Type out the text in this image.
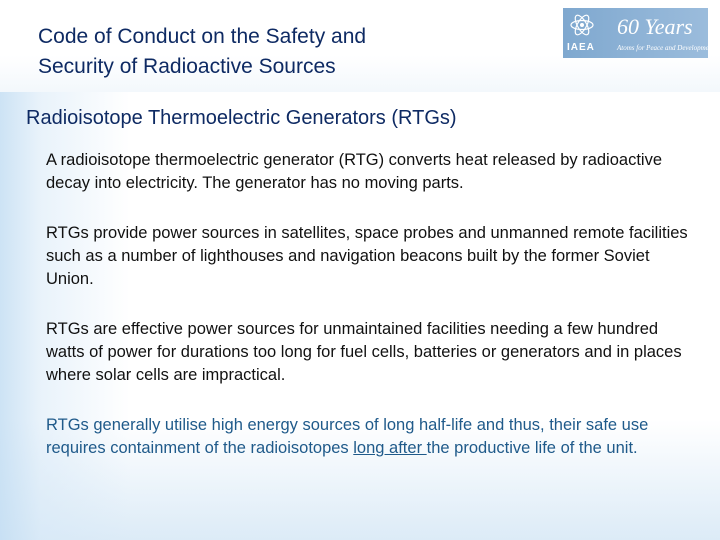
Code of Conduct on the Safety and
Security of Radioactive Sources
IAEA
60 Years
Atoms for Peace and Development
Radioisotope Thermoelectric Generators (RTGs)
A radioisotope thermoelectric generator (RTG) converts heat released by radioactive decay into electricity. The generator has no moving parts.
RTGs provide power sources in satellites, space probes and unmanned remote facilities such as a number of lighthouses and navigation beacons built by the former Soviet Union.
RTGs are effective power sources for unmaintained facilities needing a few hundred watts of power for durations too long for fuel cells, batteries or generators and in places where solar cells are impractical.
RTGs generally utilise high energy sources of long half-life and thus, their safe use requires containment of the radioisotopes long after the productive life of the unit.
